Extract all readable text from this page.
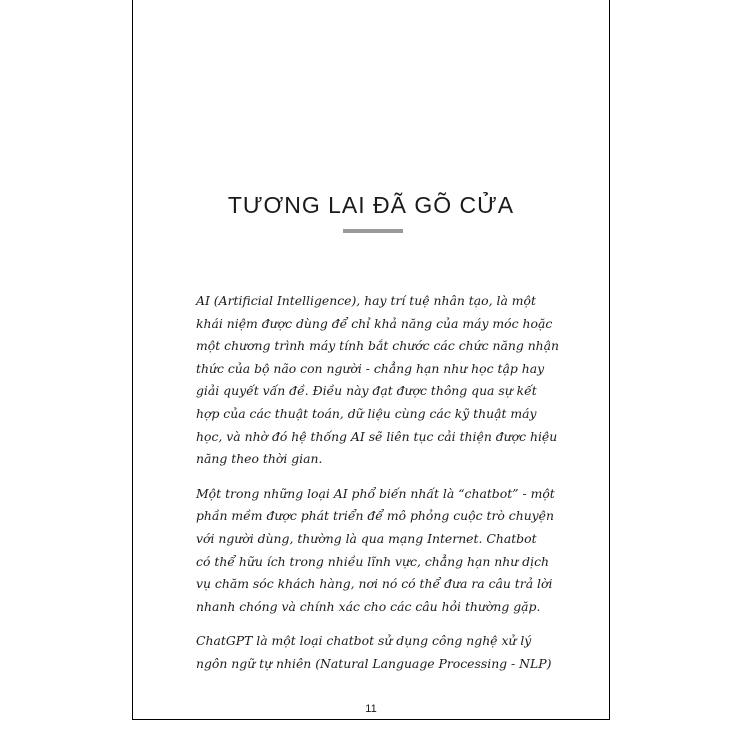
TƯƠNG LAI ĐÃ GÕ CỬA

AI (Artificial Intelligence), hay trí tuệ nhân tạo, là một
khái niệm được dùng để chỉ khả năng của máy móc hoặc
một chương trình máy tính bắt chước các chức năng nhận
thức của bộ não con người - chẳng hạn như học tập hay
giải quyết vấn đề. Điều này đạt được thông qua sự kết
hợp của các thuật toán, dữ liệu cùng các kỹ thuật máy
học, và nhờ đó hệ thống AI sẽ liên tục cải thiện được hiệu
năng theo thời gian.

Một trong những loại AI phổ biến nhất là “chatbot” - một
phần mềm được phát triển để mô phỏng cuộc trò chuyện
với người dùng, thường là qua mạng Internet. Chatbot
có thể hữu ích trong nhiều lĩnh vực, chẳng hạn như dịch
vụ chăm sóc khách hàng, nơi nó có thể đưa ra câu trả lời
nhanh chóng và chính xác cho các câu hỏi thường gặp.

ChatGPT là một loại chatbot sử dụng công nghệ xử lý
ngôn ngữ tự nhiên (Natural Language Processing - NLP)

11
